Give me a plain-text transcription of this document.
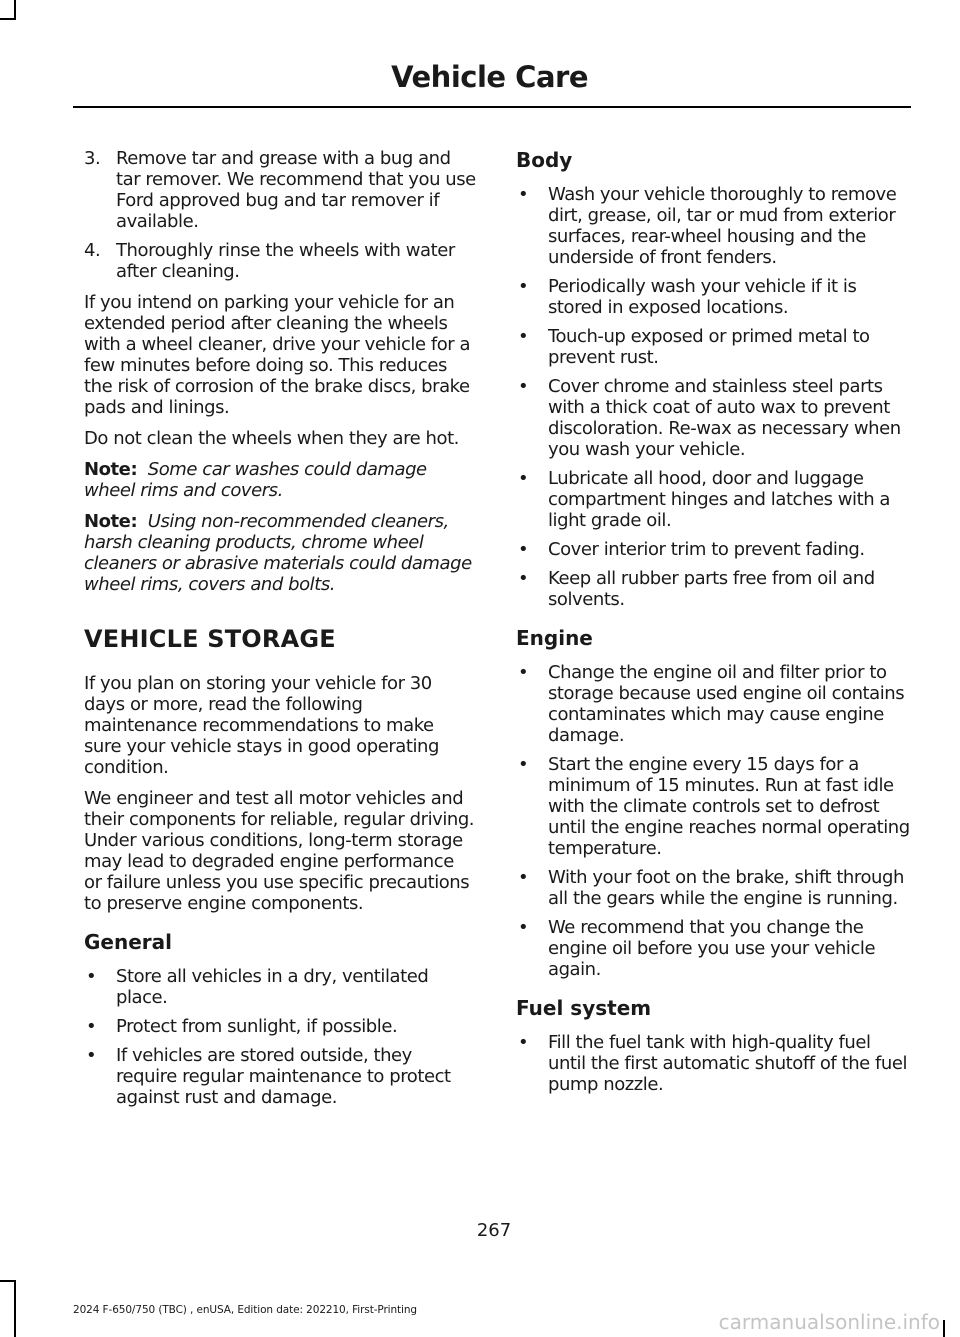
Vehicle Care
3. Remove tar and grease with a bug and tar remover. We recommend that you use Ford approved bug and tar remover if available.
4. Thoroughly rinse the wheels with water after cleaning.

If you intend on parking your vehicle for an extended period after cleaning the wheels with a wheel cleaner, drive your vehicle for a few minutes before doing so. This reduces the risk of corrosion of the brake discs, brake pads and linings.

Do not clean the wheels when they are hot.

Note: Some car washes could damage wheel rims and covers.

Note: Using non-recommended cleaners, harsh cleaning products, chrome wheel cleaners or abrasive materials could damage wheel rims, covers and bolts.

VEHICLE STORAGE

If you plan on storing your vehicle for 30 days or more, read the following maintenance recommendations to make sure your vehicle stays in good operating condition.

We engineer and test all motor vehicles and their components for reliable, regular driving. Under various conditions, long-term storage may lead to degraded engine performance or failure unless you use specific precautions to preserve engine components.

General
• Store all vehicles in a dry, ventilated place.
• Protect from sunlight, if possible.
• If vehicles are stored outside, they require regular maintenance to protect against rust and damage.
Body
• Wash your vehicle thoroughly to remove dirt, grease, oil, tar or mud from exterior surfaces, rear-wheel housing and the underside of front fenders.
• Periodically wash your vehicle if it is stored in exposed locations.
• Touch-up exposed or primed metal to prevent rust.
• Cover chrome and stainless steel parts with a thick coat of auto wax to prevent discoloration. Re-wax as necessary when you wash your vehicle.
• Lubricate all hood, door and luggage compartment hinges and latches with a light grade oil.
• Cover interior trim to prevent fading.
• Keep all rubber parts free from oil and solvents.
Engine
• Change the engine oil and filter prior to storage because used engine oil contains contaminates which may cause engine damage.
• Start the engine every 15 days for a minimum of 15 minutes. Run at fast idle with the climate controls set to defrost until the engine reaches normal operating temperature.
• With your foot on the brake, shift through all the gears while the engine is running.
• We recommend that you change the engine oil before you use your vehicle again.
Fuel system
• Fill the fuel tank with high-quality fuel until the first automatic shutoff of the fuel pump nozzle.
267
2024 F-650/750 (TBC) , enUSA, Edition date: 202210, First-Printing	carmanualsonline.info
